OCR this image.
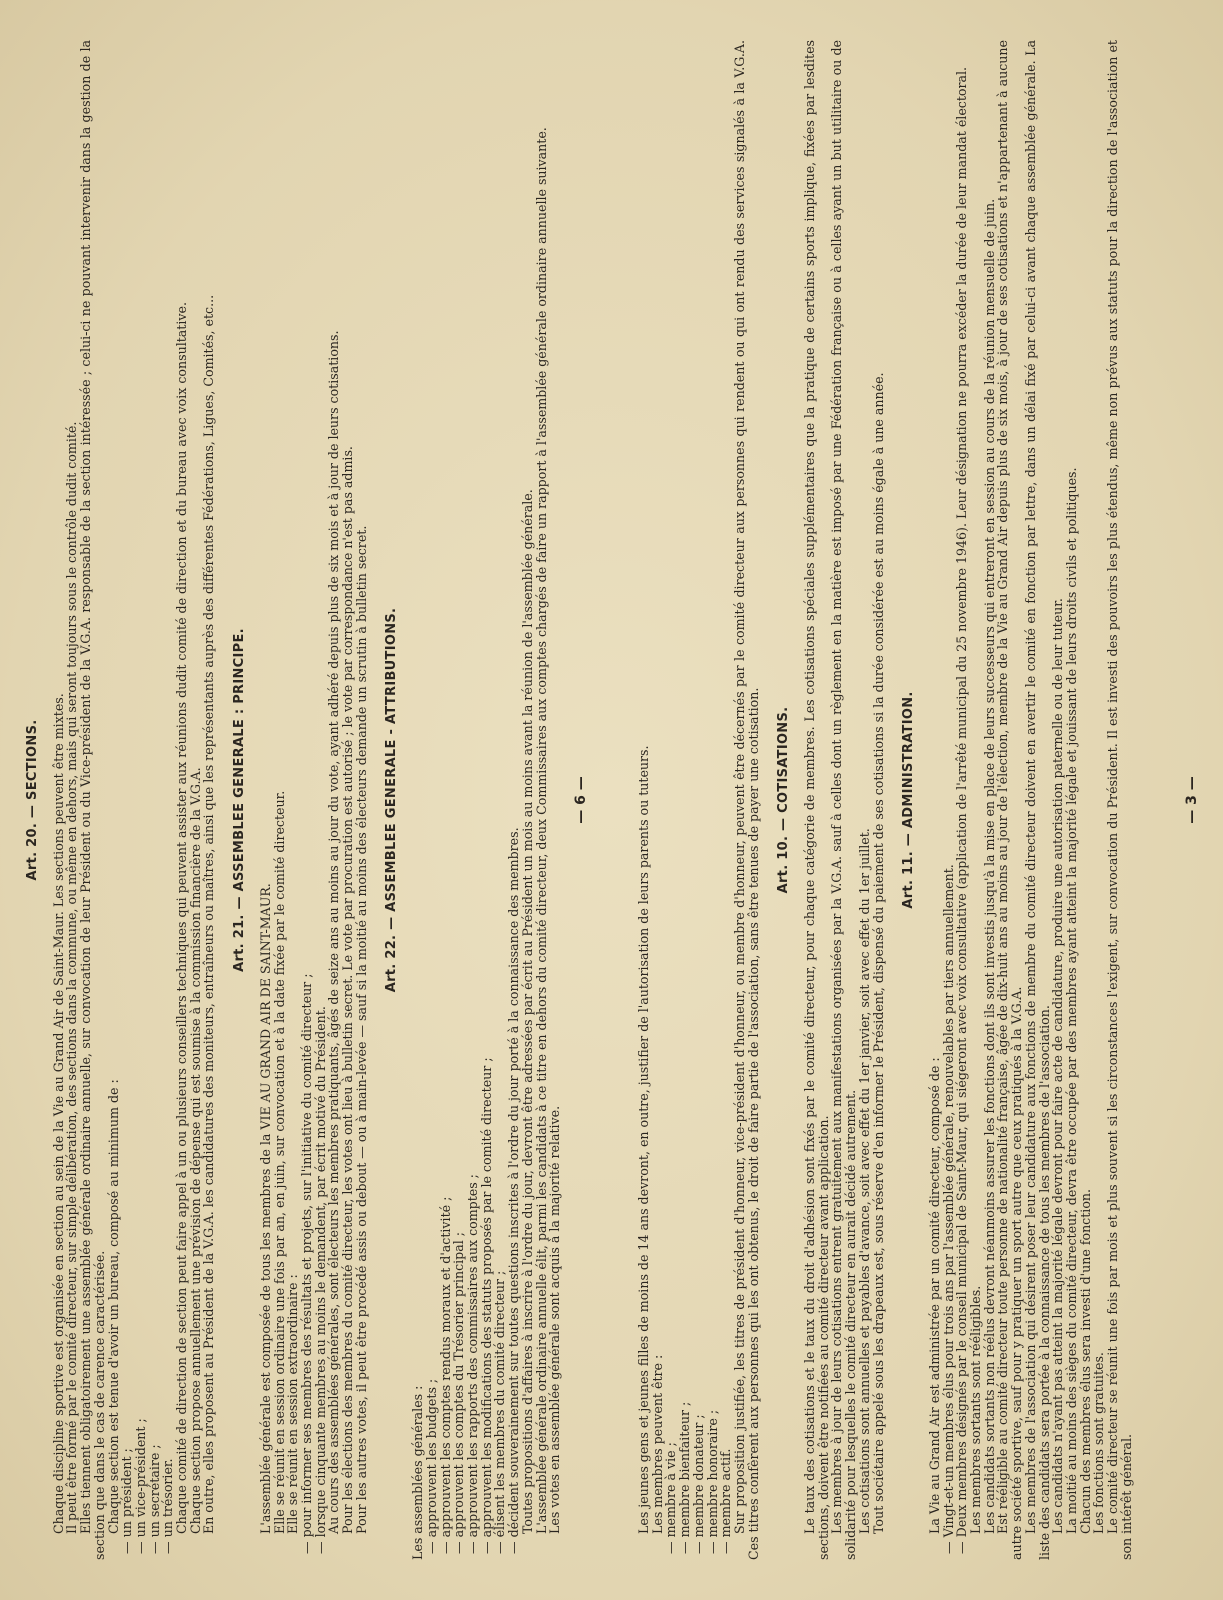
Art. 20. — SECTIONS. Chaque discipline sportive est organisée en section au sein de la Vie au Grand Air de Saint-Maur. Les sections peuvent être mixtes.

Il peut être formé par le comité directeur, sur simple délibération, des sections dans la commune, ou même en dehors, mais qui seront toujours sous le contrôle dudit comité.

Elles tiennent obligatoirement une assemblée générale ordinaire annuelle, sur convocation de leur Président ou du Vice-président de la V.G.A. responsable de la section intéressée ; celui-ci ne pouvant intervenir dans la gestion de la section que dans le cas de carence caractérisée.

Chaque section est tenue d'avoir un bureau, composé au minimum de :

— un président ;
— un vice-président ;
— un secrétaire ;
— un trésorier.

Chaque comité de direction de section peut faire appel à un ou plusieurs conseillers techniques qui peuvent assister aux réunions dudit comité de direction et du bureau avec voix consultative.

Chaque section propose annuellement une prévision de dépense qui est soumise à la commission financière de la V.G.A.

En outre, elles proposent au Président de la V.G.A. les candidatures des moniteurs, entraîneurs ou maîtres, ainsi que les représentants auprès des différentes Fédérations, Ligues, Comités, etc... Art. 21. — ASSEMBLEE GENERALE : PRINCIPE.

L'assemblée générale est composée de tous les membres de la VIE AU GRAND AIR DE SAINT-MAUR.

Elle se réunit en session ordinaire une fois par an, en juin, sur convocation et à la date fixée par le comité directeur.

Elle se réunit en session extraordinaire :

— pour informer ses membres des résultats et projets, sur l'initiative du comité directeur ;
— lorsque cinquante membres au moins le demandent, par écrit motivé du Président.

Au cours des assemblées générales, sont électeurs les membres pratiquants, âgés de seize ans au moins au jour du vote, ayant adhéré depuis plus de six mois et à jour de leurs cotisations.

Pour les élections des membres du comité directeur, les votes ont lieu à bulletin secret. Le vote par procuration est autorisé ; le vote par correspondance n'est pas admis.

Pour les autres votes, il peut être procédé assis ou debout — ou à main-levée — sauf si la moitié au moins des électeurs demande un scrutin à bulletin secret. Art. 22. — ASSEMBLEE GENERALE - ATTRIBUTIONS.

Les assemblées générales :

— approuvent les budgets ;
— approuvent les comptes rendus moraux et d'activité ;
— approuvent les comptes du Trésorier principal ;
— approuvent les rapports des commissaires aux comptes ;
— approuvent les modifications des statuts proposés par le comité directeur ;
— élisent les membres du comité directeur ;
— décident souverainement sur toutes questions inscrites à l'ordre du jour porté à la connaissance des membres.

Toutes propositions d'affaires à inscrire à l'ordre du jour, devront être adressées par écrit au Président un mois au moins avant la réunion de l'assemblée générale.

L'assemblée générale ordinaire annuelle élit, parmi les candidats à ce titre en dehors du comité directeur, deux Commissaires aux comptes chargés de faire un rapport à l'assemblée générale ordinaire annuelle suivante.

Les votes en assemblée générale sont acquis à la majorité relative.

— 6 —	Les jeunes gens et jeunes filles de moins de 14 ans devront, en outre, justifier de l'autorisation de leurs parents ou tuteurs.

Les membres peuvent être :

— membre à vie ;
— membre bienfaiteur ;
— membre donateur ;
— membre honoraire ;
— membre actif.

Sur proposition justifiée, les titres de président d'honneur, vice-président d'honneur, ou membre d'honneur, peuvent être décernés par le comité directeur aux personnes qui rendent ou qui ont rendu des services signalés à la V.G.A. Ces titres confèrent aux personnes qui les ont obtenus, le droit de faire partie de l'association, sans être tenues de payer une cotisation. Art. 10. — COTISATIONS. Le taux des cotisations et le taux du droit d'adhésion sont fixés par le comité directeur, pour chaque catégorie de membres. Les cotisations spéciales supplémentaires que la pratique de certains sports implique, fixées par lesdites sections, doivent être notifiées au comité directeur avant application.

Les membres à jour de leurs cotisations entrent gratuitement aux manifestations organisées par la V.G.A. sauf à celles dont un règlement en la matière est imposé par une Fédération française ou à celles ayant un but utilitaire ou de solidarité pour lesquelles le comité directeur en aurait décidé autrement.

Les cotisations sont annuelles et payables d'avance, soit avec effet du 1er janvier, soit avec effet du 1er juillet.

Tout sociétaire appelé sous les drapeaux est, sous réserve d'en informer le Président, dispensé du paiement de ses cotisations si la durée considérée est au moins égale à une année. Art. 11. — ADMINISTRATION.

La Vie au Grand Air est administrée par un comité directeur, composé de :

— Vingt-et-un membres élus pour trois ans par l'assemblée générale, renouvelables par tiers annuellement.
— Deux membres désignés par le conseil municipal de Saint-Maur, qui siégeront avec voix consultative (application de l'arrêté municipal du 25 novembre 1946). Leur désignation ne pourra excéder la durée de leur mandat électoral.

Les membres sortants sont rééligibles.

Les candidats sortants non réélus devront néanmoins assurer les fonctions dont ils sont investis jusqu'à la mise en place de leurs successeurs qui entreront en session au cours de la réunion mensuelle de juin.

Est rééligible au comité directeur toute personne de nationalité française, âgée de dix-huit ans au moins au jour de l'élection, membre de la Vie au Grand Air depuis plus de six mois, à jour de ses cotisations et n'appartenant à aucune autre société sportive, sauf pour y pratiquer un sport autre que ceux pratiqués à la V.G.A.

Les membres de l'association qui désirent poser leur candidature aux fonctions de membre du comité directeur doivent en avertir le comité en fonction par lettre, dans un délai fixé par celui-ci avant chaque assemblée générale. La liste des candidats sera portée à la connaissance de tous les membres de l'association.

Les candidats n'ayant pas atteint la majorité légale devront pour faire acte de candidature, produire une autorisation paternelle ou de leur tuteur.

La moitié au moins des sièges du comité directeur, devra être occupée par des membres ayant atteint la majorité légale et jouissant de leurs droits civils et politiques.

Chacun des membres élus sera investi d'une fonction.

Les fonctions sont gratuites.

Le comité directeur se réunit une fois par mois et plus souvent si les circonstances l'exigent, sur convocation du Président. Il est investi des pouvoirs les plus étendus, même non prévus aux statuts pour la direction de l'association et son intérêt général.

— 3 —
